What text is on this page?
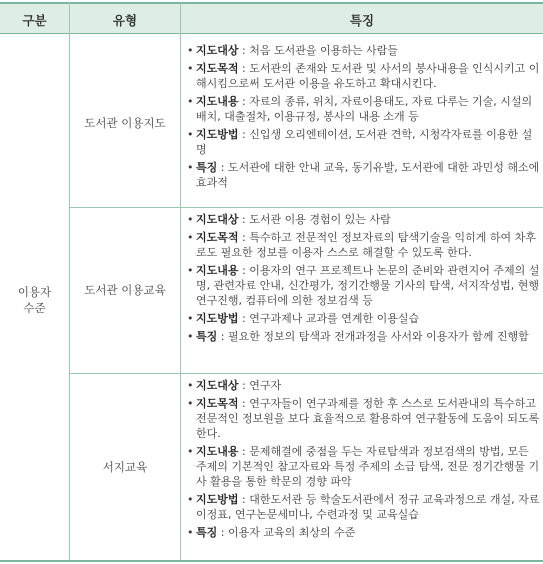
구분	유형	특징
이용자
수준
도서관 이용지도
도서관 이용교육
서지교육
• 지도대상 : 처음 도서관을 이용하는 사람들
• 지도목적 : 도서관의 존재와 도서관 및 사서의 봉사내용을 인식시키고 이해시킴으로써 도서관 이용을 유도하고 확대시킨다.
• 지도내용 : 자료의 종류, 위치, 자료이용태도, 자료 다루는 기술, 시설의 배치, 대출절차, 이용규정, 봉사의 내용 소개 등
• 지도방법 : 신입생 오리엔테이션, 도서관 견학, 시청각자료를 이용한 설명
• 특징 : 도서관에 대한 안내 교육, 동기유발, 도서관에 대한 과민성 해소에 효과적
• 지도대상 : 도서관 이용 경험이 있는 사람
• 지도목적 : 특수하고 전문적인 정보자료의 탐색기술을 익히게 하여 차후로도 필요한 정보를 이용자 스스로 해결할 수 있도록 한다.
• 지도내용 : 이용자의 연구 프로젝트나 논문의 준비와 관련지어 주제의 설명, 관련자료 안내, 신간평가, 정기간행물 기사의 탐색, 서지작성법, 현행 연구진행, 컴퓨터에 의한 정보검색 등
• 지도방법 : 연구과제나 교과를 연계한 이용실습
• 특징 : 필요한 정보의 탐색과 전개과정을 사서와 이용자가 함께 진행함
• 지도대상 : 연구자
• 지도목적 : 연구자들이 연구과제를 정한 후 스스로 도서관내의 특수하고 전문적인 정보원을 보다 효율적으로 활용하여 연구활동에 도움이 되도록 한다.
• 지도내용 : 문제해결에 중점을 두는 자료탐색과 정보검색의 방법, 모든 주제의 기본적인 참고자료와 특정 주제의 소급 탐색, 전문 정기간행물 기사 활용을 통한 학문의 경향 파악
• 지도방법 : 대한도서관 등 학술도서관에서 정규 교육과정으로 개설, 자료 이정표, 연구논문세미나, 수련과정 및 교육실습
• 특징 : 이용자 교육의 최상의 수준
